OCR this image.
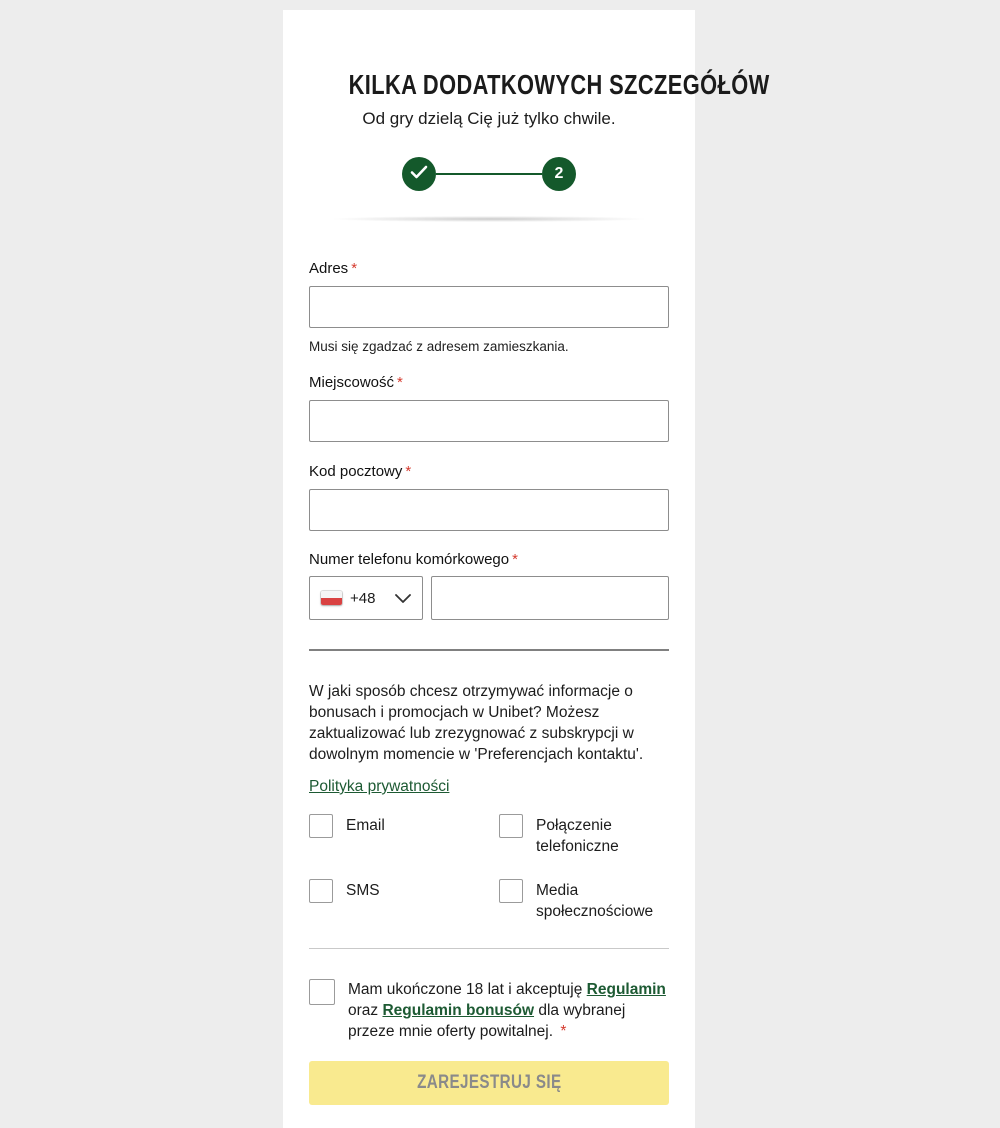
KILKA DODATKOWYCH SZCZEGÓŁÓW
Od gry dzielą Cię już tylko chwile.
2
Adres *
Musi się zgadzać z adresem zamieszkania.
Miejscowość *
Kod pocztowy *
Numer telefonu komórkowego *
+48

W jaki sposób chcesz otrzymywać informacje o bonusach i promocjach w Unibet? Możesz zaktualizować lub zrezygnować z subskrypcji w dowolnym momencie w 'Preferencjach kontaktu'.

Polityka prywatności
Email	Połączenie telefoniczne
SMS	Media społecznościowe
Mam ukończone 18 lat i akceptuję Regulamin oraz Regulamin bonusów dla wybranej przeze mnie oferty powitalnej. *
ZAREJESTRUJ SIĘ
